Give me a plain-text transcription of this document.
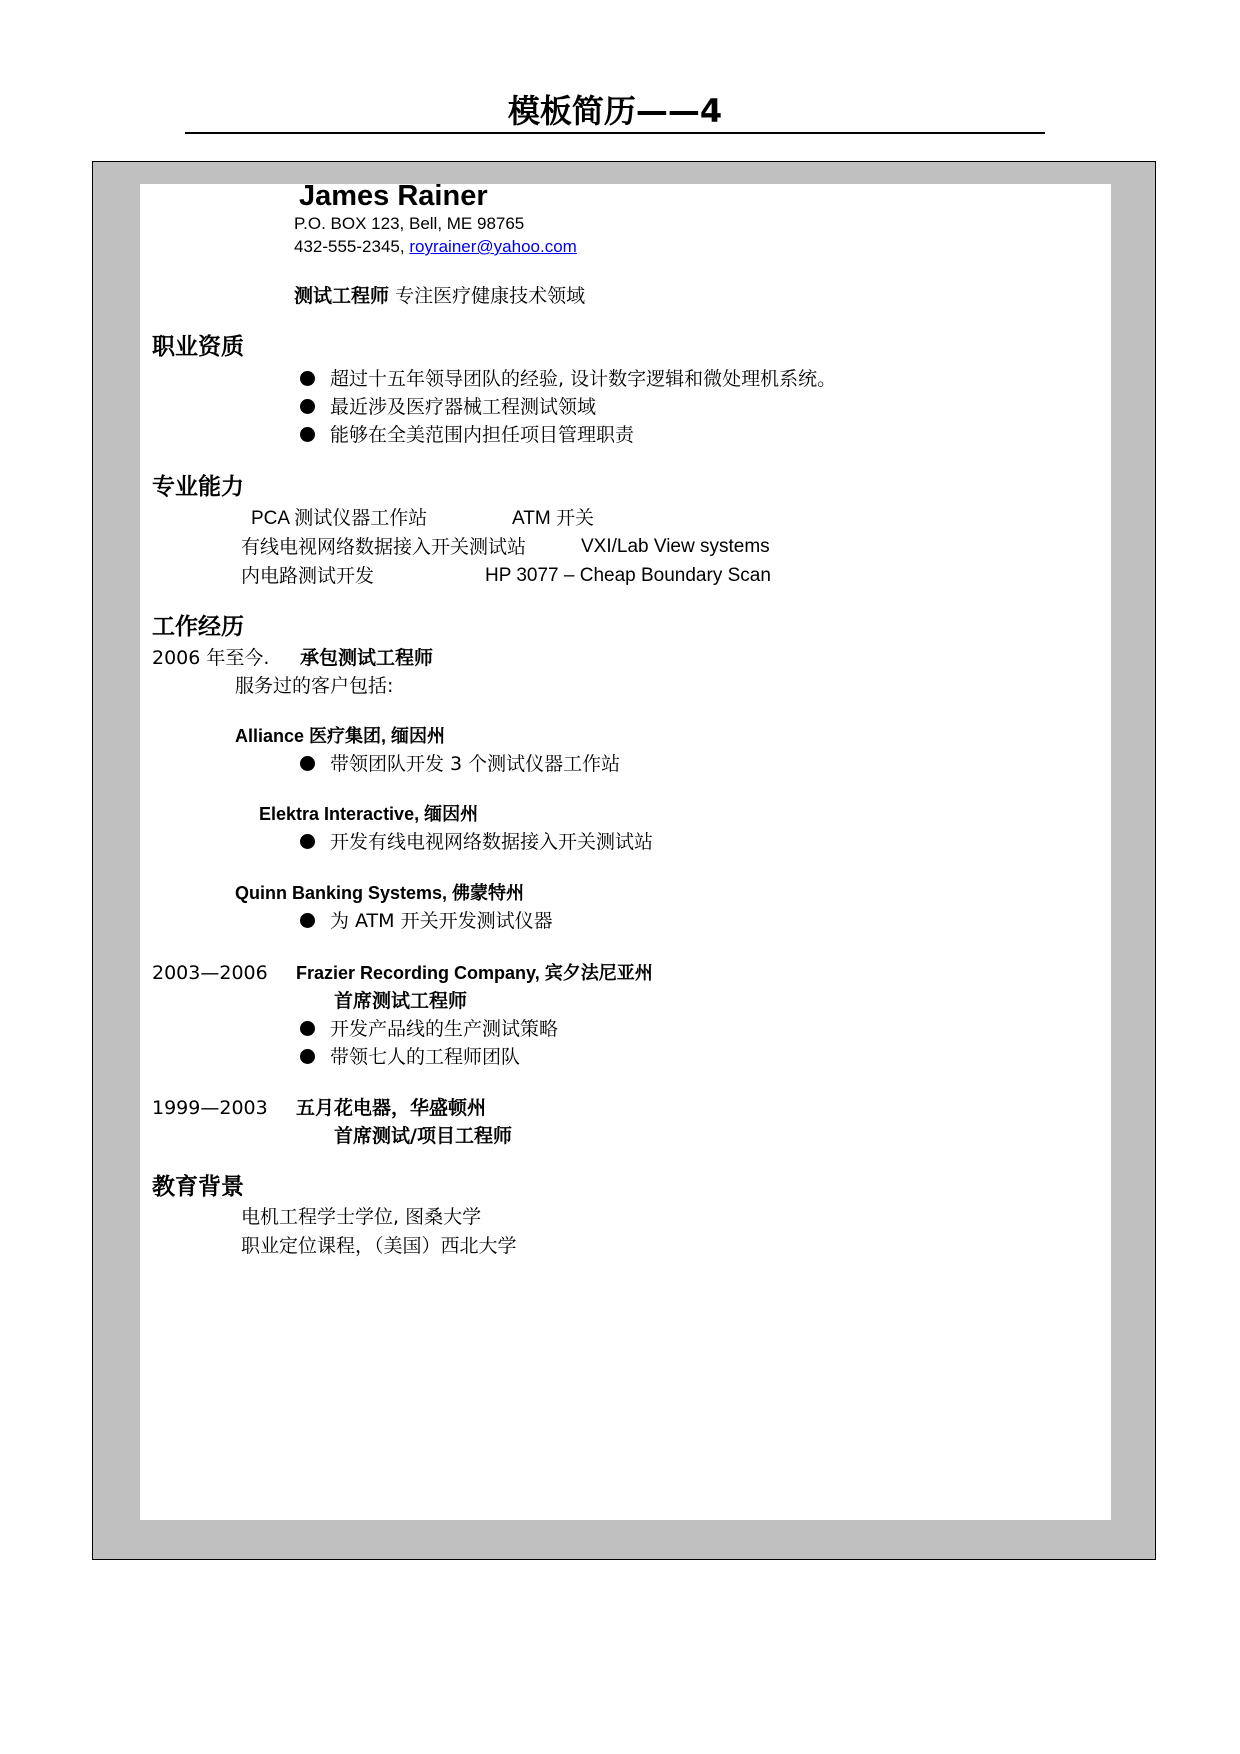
模板简历——4
James Rainer
P.O. BOX 123, Bell, ME 98765
432-555-2345, royrainer@yahoo.com
测试工程师 专注医疗健康技术领域
职业资质
超过十五年领导团队的经验, 设计数字逻辑和微处理机系统。
最近涉及医疗器械工程测试领域
能够在全美范围内担任项目管理职责
专业能力
PCA 测试仪器工作站	ATM 开关
有线电视网络数据接入开关测试站	VXI/Lab View systems
内电路测试开发	HP 3077 – Cheap Boundary Scan
工作经历
2006 年至今. 承包测试工程师
服务过的客户包括:
Alliance 医疗集团, 缅因州
带领团队开发 3 个测试仪器工作站
Elektra Interactive, 缅因州
开发有线电视网络数据接入开关测试站
Quinn Banking Systems, 佛蒙特州
为 ATM 开关开发测试仪器
2003—2006 Frazier Recording Company, 宾夕法尼亚州
首席测试工程师
开发产品线的生产测试策略
带领七人的工程师团队
1999—2003 五月花电器，华盛顿州
首席测试/项目工程师
教育背景
电机工程学士学位, 图桑大学
职业定位课程，（美国）西北大学
